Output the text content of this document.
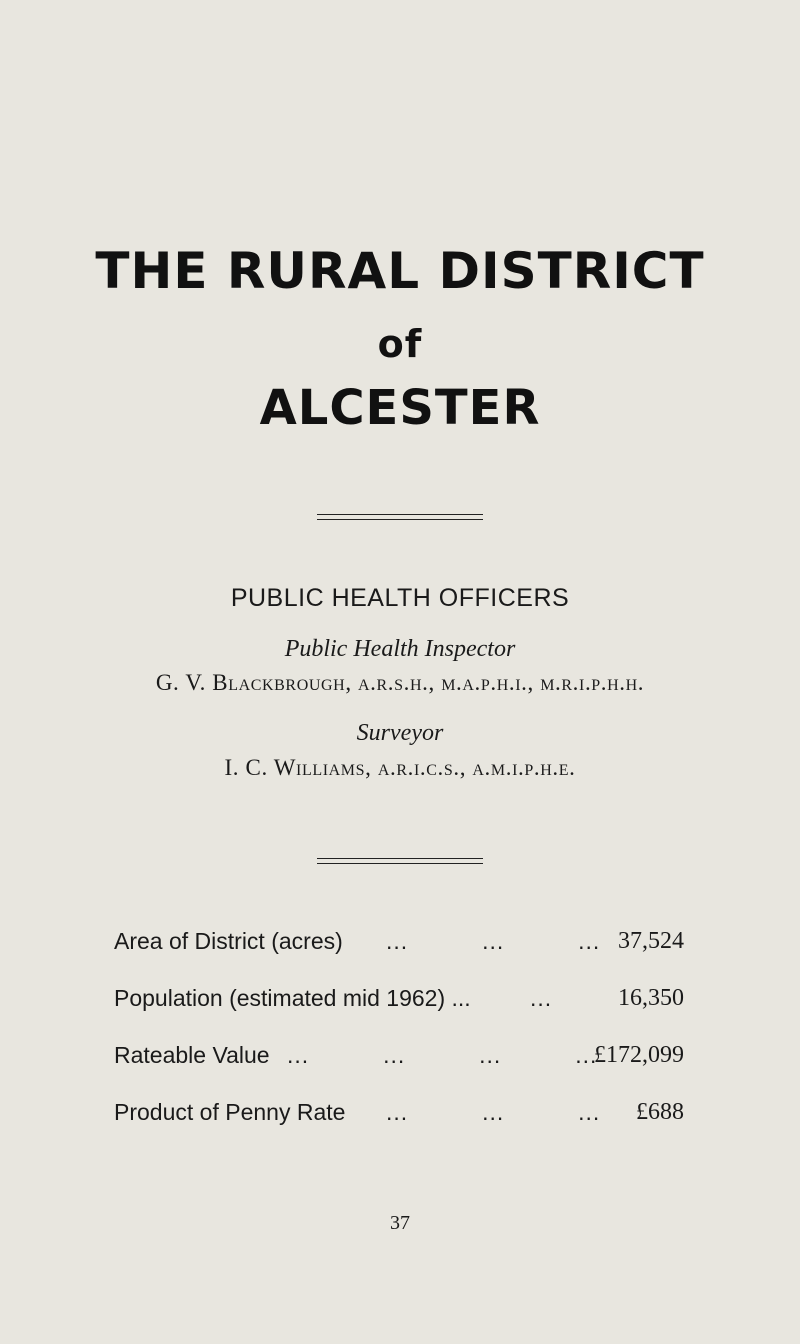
THE RURAL DISTRICT
of
ALCESTER
PUBLIC HEALTH OFFICERS
Public Health Inspector
G. V. Blackbrough, a.r.s.h., m.a.p.h.i., m.r.i.p.h.h.
Surveyor
I. C. Williams, a.r.i.c.s., a.m.i.p.h.e.
Area of District (acres) ...          ...          ... 37,524
Population (estimated mid 1962) ...	...	16,350
Rateable Value ...          ...          ...          ...
£172,099
Product of Penny Rate ...          ...          ... £688
37
